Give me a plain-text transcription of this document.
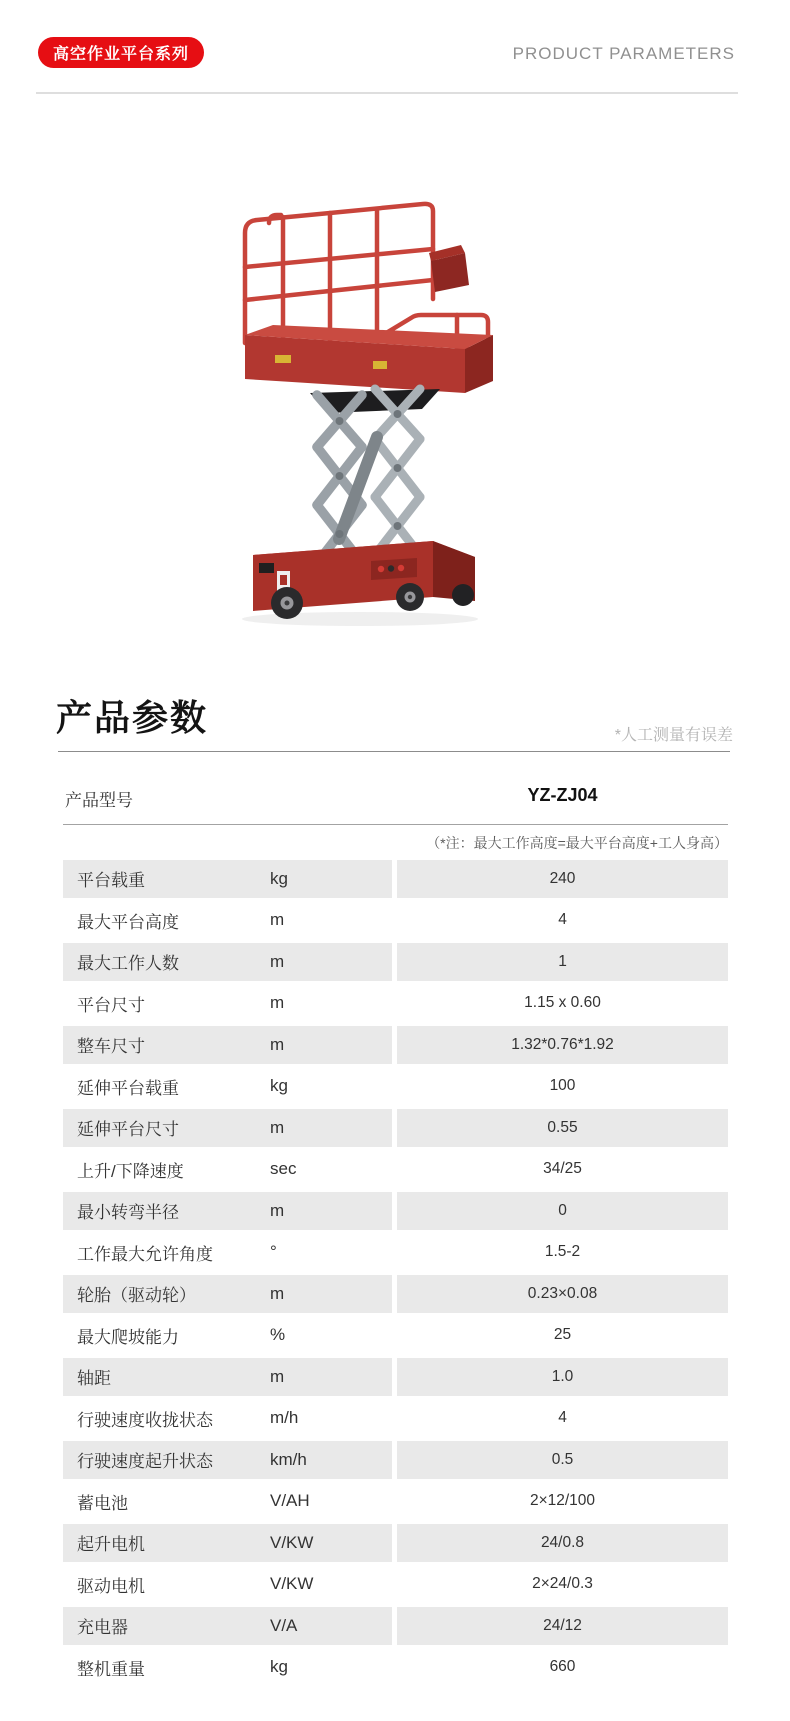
高空作业平台系列	PRODUCT PARAMETERS
产品参数	*人工测量有误差
产品型号	YZ-ZJ04
（*注：最大工作高度=最大平台高度+工人身高）
平台载重	kg	240
最大平台高度	m	4
最大工作人数	m	1
平台尺寸	m	1.15 x 0.60
整车尺寸	m	1.32*0.76*1.92
延伸平台载重	kg	100
延伸平台尺寸	m	0.55
上升/下降速度	sec	34/25
最小转弯半径	m	0
工作最大允许角度	°	1.5-2
轮胎（驱动轮）	m	0.23×0.08
最大爬坡能力	%	25
轴距	m	1.0
行驶速度收拢状态	m/h	4
行驶速度起升状态	km/h	0.5
蓄电池	V/AH	2×12/100
起升电机	V/KW	24/0.8
驱动电机	V/KW	2×24/0.3
充电器	V/A	24/12
整机重量	kg	660
